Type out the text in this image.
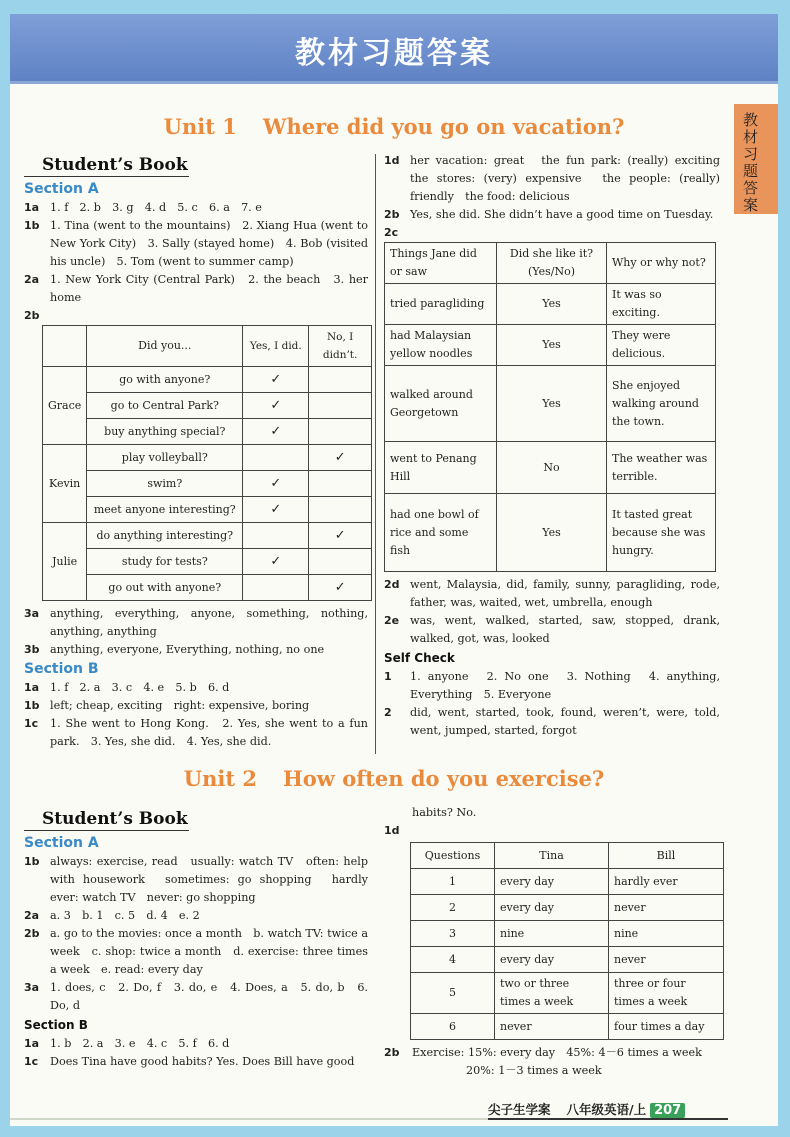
教材习题答案
教
材
习
题
答
案
Unit 1 Where did you go on vacation?
Student’s Book
Section A
1a 1. f　2. b　3. g　4. d　5. c　6. a　7. e
1b 1. Tina (went to the mountains)　2. Xiang Hua (went to New York City)　3. Sally (stayed home)　4. Bob (visited his uncle)　5. Tom (went to summer camp)
2a 1. New York City (Central Park)　2. the beach　3. her home
2b
	Did you...	Yes, I did.	No, I didn’t.
Grace	go with anyone?	✓	
	go to Central Park?	✓	
	buy anything special?	✓	
Kevin	play volleyball?		✓
	swim?	✓	
	meet anyone interesting?	✓	
Julie	do anything interesting?		✓
	study for tests?	✓	
	go out with anyone?		✓
3a anything, everything, anyone, something, nothing, anything, anything
3b anything, everyone, Everything, nothing, no one
Section B
1a 1. f　2. a　3. c　4. e　5. b　6. d
1b left; cheap, exciting　right: expensive, boring
1c	1. She went to Hong Kong.　2. Yes, she went to a fun park.　3. Yes, she did.　4. Yes, she did.
1d her vacation: great　the fun park: (really) exciting　the stores: (very) expensive　the people: (really) friendly　the food: delicious
2b Yes, she did. She didn’t have a good time on Tuesday.
2c
Things Jane did or saw	Did she like it? (Yes/No)	Why or why not?
tried paragliding	Yes	It was so exciting.
had Malaysian yellow noodles	Yes	They were delicious.
walked around Georgetown	Yes	She enjoyed walking around the town.
went to Penang Hill	No	The weather was terrible.
had one bowl of rice and some fish	Yes	It tasted great because she was hungry.
2d went, Malaysia, did, family, sunny, paragliding, rode, father, was, waited, wet, umbrella, enough
2e was, went, walked, started, saw, stopped, drank, walked, got, was, looked
Self Check
1	1. anyone　2. No one　3. Nothing　4. anything, Everything　5. Everyone
2	did, went, started, took, found, weren’t, were, told, went, jumped, started, forgot
Unit 2 How often do you exercise?
Student’s Book
Section A
1b always: exercise, read　usually: watch TV　often: help with housework　sometimes: go shopping　hardly ever: watch TV　never: go shopping
2a a. 3　b. 1　c. 5　d. 4　e. 2
2b a. go to the movies: once a month　b. watch TV: twice a week　c. shop: twice a month　d. exercise: three times a week　e. read: every day
3a 1. does, c　2. Do, f　3. do, e　4. Does, a　5. do, b　6. Do, d
Section B
1a 1. b　2. a　3. e　4. c　5. f　6. d
1c	Does Tina have good habits? Yes. Does Bill have good
habits? No.
1d
Questions	Tina	Bill
1	every day	hardly ever
2	every day	never
3	nine	nine
4	every day	never
5	two or three times a week	three or four times a week
6	never	four times a day
2b	Exercise: 15%: every day　45%: 4－6 times a week
20%: 1－3 times a week
尖子生学案 八年级英语/上 207
